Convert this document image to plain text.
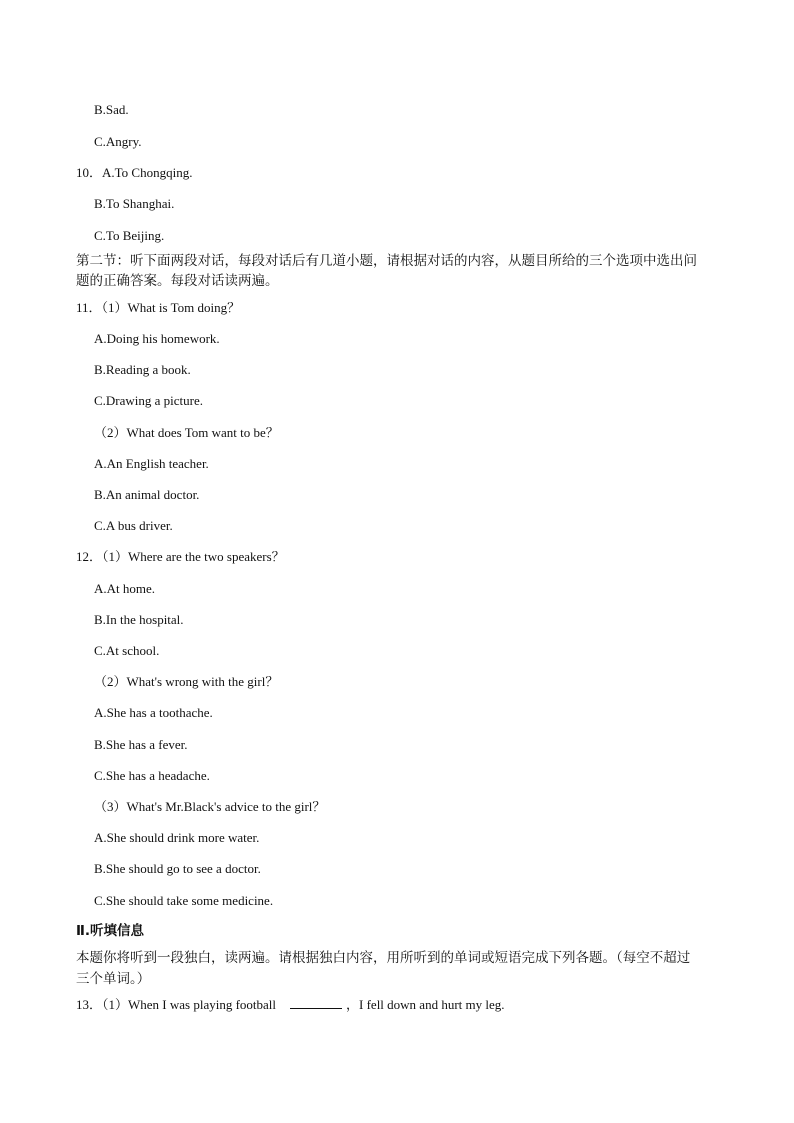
B.Sad.
C.Angry.
10．A.To Chongqing.
B.To Shanghai.
C.To Beijing.
第二节：听下面两段对话，每段对话后有几道小题，请根据对话的内容，从题目所给的三个选项中选出问
题的正确答案。每段对话读两遍。
11．（1）What is Tom doing？
A.Doing his homework.
B.Reading a book.
C.Drawing a picture.
（2）What does Tom want to be？
A.An English teacher.
B.An animal doctor.
C.A bus driver.
12．（1）Where are the two speakers？
A.At home.
B.In the hospital.
C.At school.
（2）What's wrong with the girl？
A.She has a toothache.
B.She has a fever.
C.She has a headache.
（3）What's Mr.Black's advice to the girl？
A.She should drink more water.
B.She should go to see a doctor.
C.She should take some medicine.
Ⅱ.听填信息
本题你将听到一段独白，读两遍。请根据独白内容，用所听到的单词或短语完成下列各题。（每空不超过
三个单词。）
13．（1）When I was playing football	，I fell down and hurt my leg.
